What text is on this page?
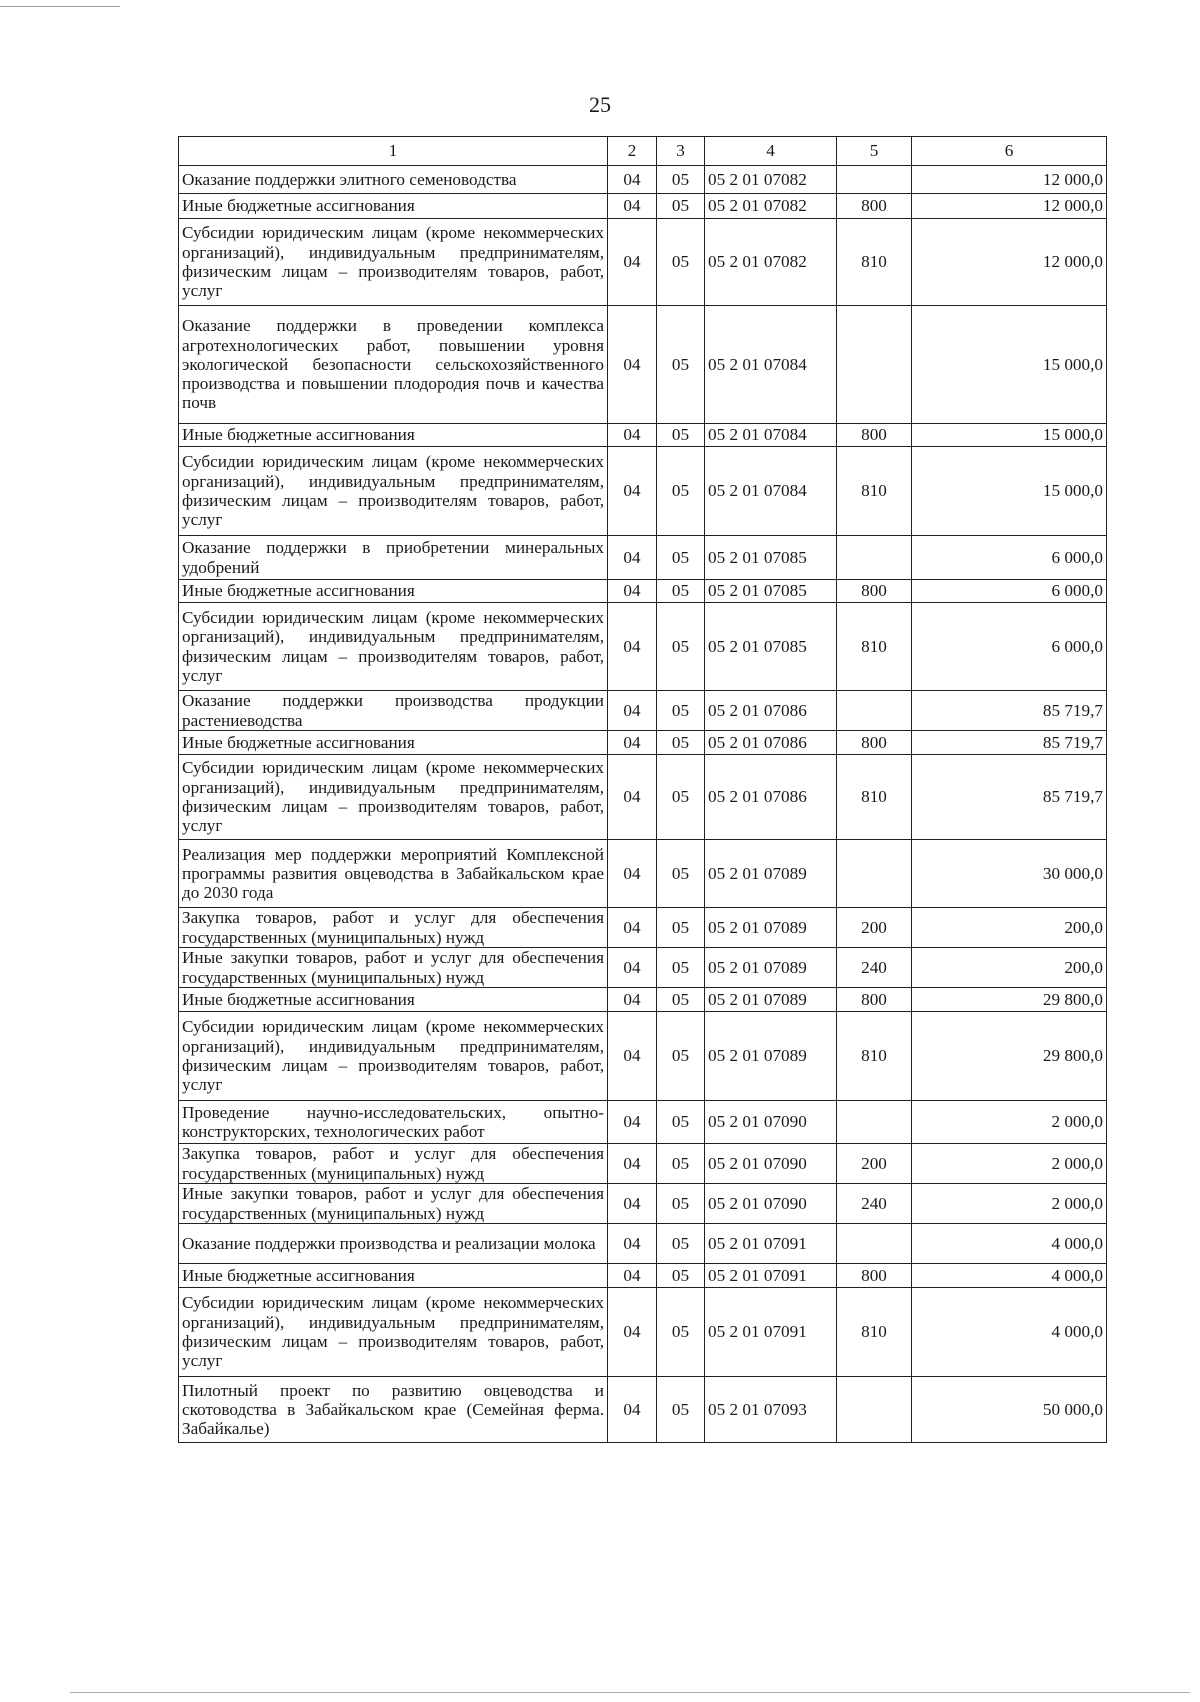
25
1	2	3	4	5	6
Оказание поддержки элитного семеноводства	04	05	05 2 01 07082		12 000,0
Иные бюджетные ассигнования	04	05	05 2 01 07082	800	12 000,0
Субсидии юридическим лицам (кроме некоммерческих организаций), индивидуальным предпринимателям, физическим лицам – производителям товаров, работ, услуг	04	05	05 2 01 07082	810	12 000,0
Оказание поддержки в проведении комплекса агротехнологических работ, повышении уровня экологической безопасности сельскохозяйственного производства и повышении плодородия почв и качества почв	04	05	05 2 01 07084		15 000,0
Иные бюджетные ассигнования	04	05	05 2 01 07084	800	15 000,0
Субсидии юридическим лицам (кроме некоммерческих организаций), индивидуальным предпринимателям, физическим лицам – производителям товаров, работ, услуг	04	05	05 2 01 07084	810	15 000,0
Оказание поддержки в приобретении минеральных удобрений	04	05	05 2 01 07085		6 000,0
Иные бюджетные ассигнования	04	05	05 2 01 07085	800	6 000,0
Субсидии юридическим лицам (кроме некоммерческих организаций), индивидуальным предпринимателям, физическим лицам – производителям товаров, работ, услуг	04	05	05 2 01 07085	810	6 000,0
Оказание поддержки производства продукции растениеводства	04	05	05 2 01 07086		85 719,7
Иные бюджетные ассигнования	04	05	05 2 01 07086	800	85 719,7
Субсидии юридическим лицам (кроме некоммерческих организаций), индивидуальным предпринимателям, физическим лицам – производителям товаров, работ, услуг	04	05	05 2 01 07086	810	85 719,7
Реализация мер поддержки мероприятий Комплексной программы развития овцеводства в Забайкальском крае до 2030 года	04	05	05 2 01 07089		30 000,0
Закупка товаров, работ и услуг для обеспечения государственных (муниципальных) нужд	04	05	05 2 01 07089	200	200,0
Иные закупки товаров, работ и услуг для обеспечения государственных (муниципальных) нужд	04	05	05 2 01 07089	240	200,0
Иные бюджетные ассигнования	04	05	05 2 01 07089	800	29 800,0
Субсидии юридическим лицам (кроме некоммерческих организаций), индивидуальным предпринимателям, физическим лицам – производителям товаров, работ, услуг	04	05	05 2 01 07089	810	29 800,0
Проведение научно-исследовательских, опытно-конструкторских, технологических работ	04	05	05 2 01 07090		2 000,0
Закупка товаров, работ и услуг для обеспечения государственных (муниципальных) нужд	04	05	05 2 01 07090	200	2 000,0
Иные закупки товаров, работ и услуг для обеспечения государственных (муниципальных) нужд	04	05	05 2 01 07090	240	2 000,0
Оказание поддержки производства и реализации молока	04	05	05 2 01 07091		4 000,0
Иные бюджетные ассигнования	04	05	05 2 01 07091	800	4 000,0
Субсидии юридическим лицам (кроме некоммерческих организаций), индивидуальным предпринимателям, физическим лицам – производителям товаров, работ, услуг	04	05	05 2 01 07091	810	4 000,0
Пилотный проект по развитию овцеводства и скотоводства в Забайкальском крае (Семейная ферма. Забайкалье)	04	05	05 2 01 07093		50 000,0
